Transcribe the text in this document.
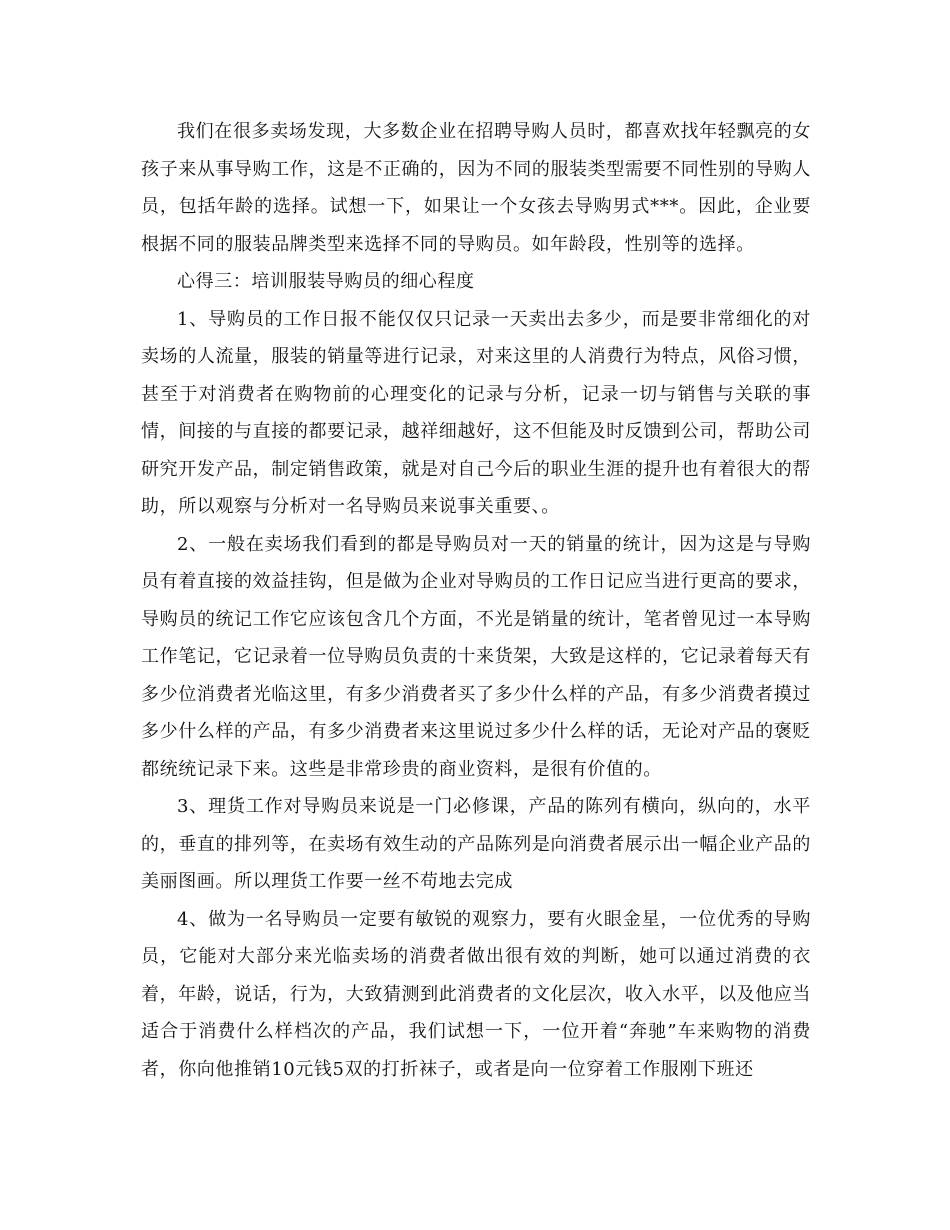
我们在很多卖场发现，大多数企业在招聘导购人员时，都喜欢找年轻飘亮的女孩子来从事导购工作，这是不正确的，因为不同的服装类型需要不同性别的导购人员，包括年龄的选择。试想一下，如果让一个女孩去导购男式***。因此，企业要根据不同的服装品牌类型来选择不同的导购员。如年龄段，性别等的选择。

心得三：培训服装导购员的细心程度

1、导购员的工作日报不能仅仅只记录一天卖出去多少，而是要非常细化的对卖场的人流量，服装的销量等进行记录，对来这里的人消费行为特点，风俗习惯，甚至于对消费者在购物前的心理变化的记录与分析，记录一切与销售与关联的事情，间接的与直接的都要记录，越祥细越好，这不但能及时反馈到公司，帮助公司研究开发产品，制定销售政策，就是对自己今后的职业生涯的提升也有着很大的帮助，所以观察与分析对一名导购员来说事关重要、。

2、一般在卖场我们看到的都是导购员对一天的销量的统计，因为这是与导购员有着直接的效益挂钩，但是做为企业对导购员的工作日记应当进行更高的要求，导购员的统记工作它应该包含几个方面，不光是销量的统计，笔者曾见过一本导购工作笔记，它记录着一位导购员负责的十来货架，大致是这样的，它记录着每天有多少位消费者光临这里，有多少消费者买了多少什么样的产品，有多少消费者摸过多少什么样的产品，有多少消费者来这里说过多少什么样的话，无论对产品的褒贬都统统记录下来。这些是非常珍贵的商业资料，是很有价值的。

3、理货工作对导购员来说是一门必修课，产品的陈列有横向，纵向的，水平的，垂直的排列等，在卖场有效生动的产品陈列是向消费者展示出一幅企业产品的美丽图画。所以理货工作要一丝不苟地去完成

4、做为一名导购员一定要有敏锐的观察力，要有火眼金星，一位优秀的导购员，它能对大部分来光临卖场的消费者做出很有效的判断，她可以通过消费的衣着，年龄，说话，行为，大致猜测到此消费者的文化层次，收入水平，以及他应当适合于消费什么样档次的产品，我们试想一下，一位开着“奔驰”车来购物的消费者，你向他推销10元钱5双的打折袜子，或者是向一位穿着工作服刚下班还
